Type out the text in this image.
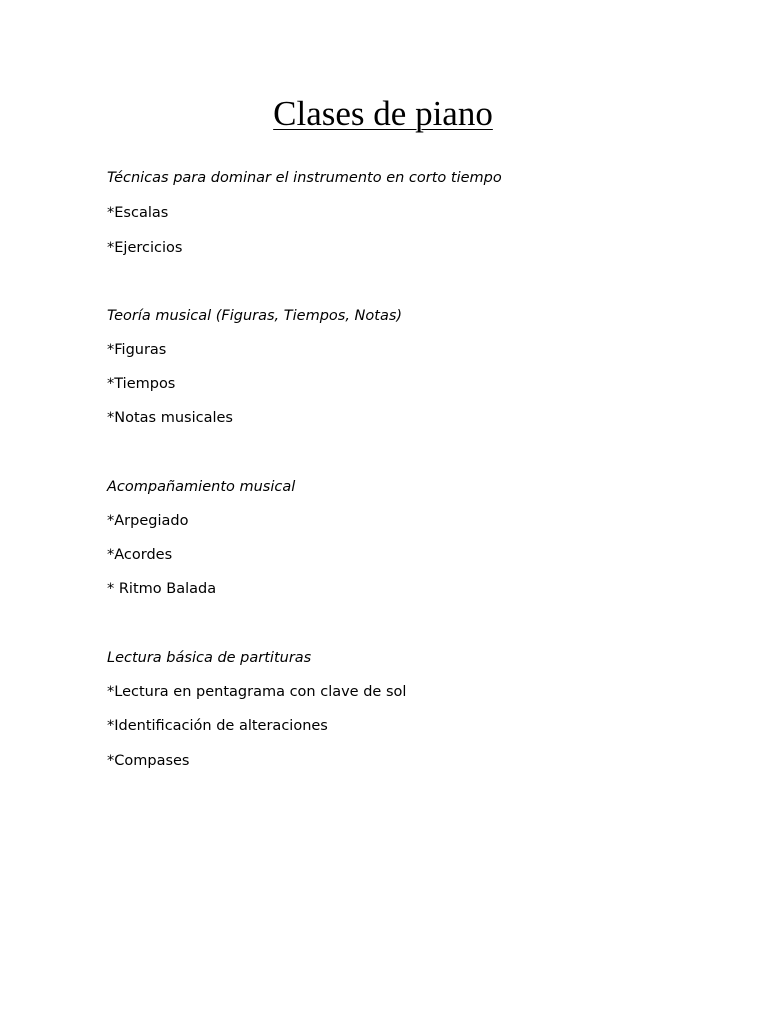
Clases de piano
Técnicas para dominar el instrumento en corto tiempo
*Escalas
*Ejercicios
Teoría musical (Figuras, Tiempos, Notas)
*Figuras
*Tiempos
*Notas musicales
Acompañamiento musical
*Arpegiado
*Acordes
* Ritmo Balada
Lectura básica de partituras
*Lectura en pentagrama con clave de sol
*Identificación de alteraciones
*Compases
